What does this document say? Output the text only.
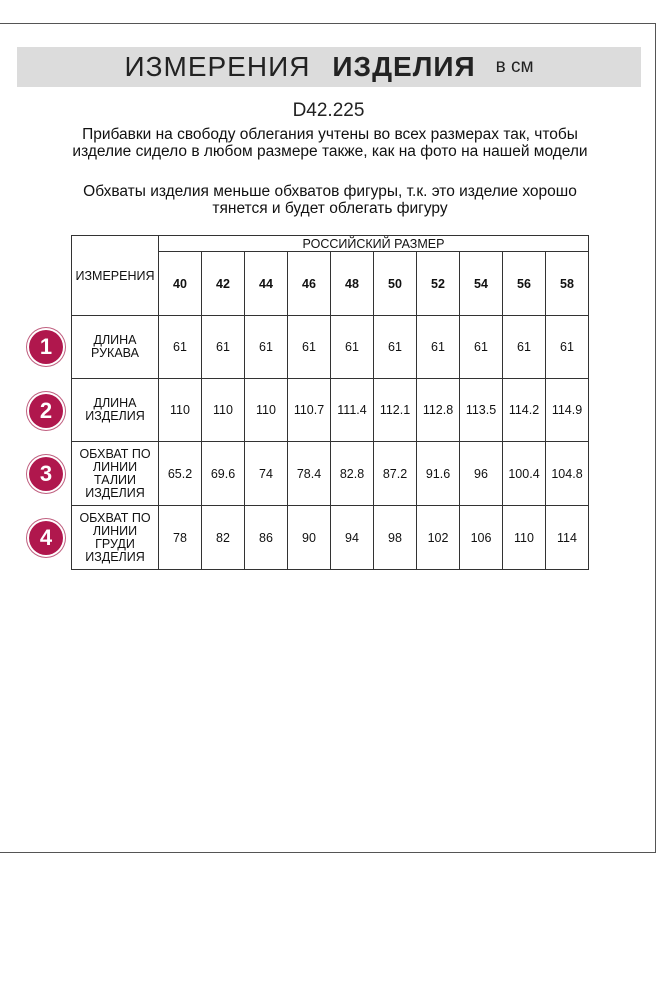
ИЗМЕРЕНИЯ ИЗДЕЛИЯ в см
D42.225
Прибавки на свободу облегания учтены во всех размерах так, чтобы изделие сидело в любом размере также, как на фото на нашей модели
Обхваты изделия меньше обхватов фигуры, т.к. это изделие хорошо тянется и будет облегать фигуру
ИЗМЕРЕНИЯ	РОССИЙСКИЙ РАЗМЕР									
	40	42	44	46	48	50	52	54	56	58
ДЛИНА РУКАВА	61	61	61	61	61	61	61	61	61	61
ДЛИНА ИЗДЕЛИЯ	110	110	110	110.7	111.4	112.1	112.8	113.5	114.2	114.9
ОБХВАТ ПО ЛИНИИ ТАЛИИ ИЗДЕЛИЯ	65.2	69.6	74	78.4	82.8	87.2	91.6	96	100.4	104.8
ОБХВАТ ПО ЛИНИИ ГРУДИ ИЗДЕЛИЯ	78	82	86	90	94	98	102	106	110	114
1
2
3
4
